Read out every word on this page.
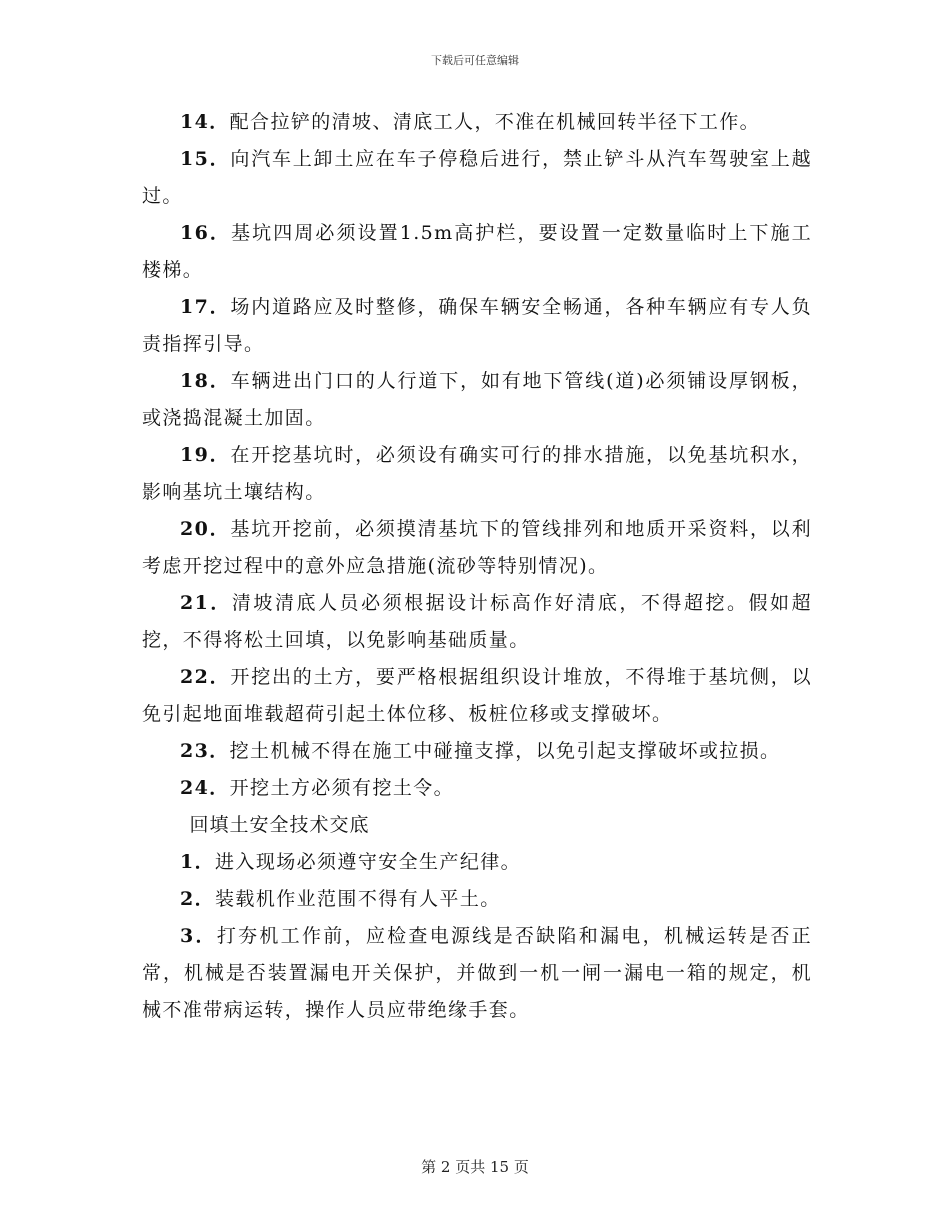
下载后可任意编辑

14．配合拉铲的清坡、清底工人，不准在机械回转半径下工作。

15．向汽车上卸土应在车子停稳后进行，禁止铲斗从汽车驾驶室上越过。

16．基坑四周必须设置1.5m高护栏，要设置一定数量临时上下施工楼梯。

17．场内道路应及时整修，确保车辆安全畅通，各种车辆应有专人负责指挥引导。

18．车辆进出门口的人行道下，如有地下管线(道)必须铺设厚钢板，或浇捣混凝土加固。

19．在开挖基坑时，必须设有确实可行的排水措施，以免基坑积水，影响基坑土壤结构。

20．基坑开挖前，必须摸清基坑下的管线排列和地质开采资料，以利考虑开挖过程中的意外应急措施(流砂等特别情况)。

21．清坡清底人员必须根据设计标高作好清底，不得超挖。假如超挖，不得将松土回填，以免影响基础质量。

22．开挖出的土方，要严格根据组织设计堆放，不得堆于基坑侧，以免引起地面堆载超荷引起土体位移、板桩位移或支撑破坏。

23．挖土机械不得在施工中碰撞支撑，以免引起支撑破坏或拉损。

24．开挖土方必须有挖土令。

回填土安全技术交底

1．进入现场必须遵守安全生产纪律。

2．装载机作业范围不得有人平土。

3．打夯机工作前，应检查电源线是否缺陷和漏电，机械运转是否正常，机械是否装置漏电开关保护，并做到一机一闸一漏电一箱的规定，机械不准带病运转，操作人员应带绝缘手套。

第 2 页共 15 页
